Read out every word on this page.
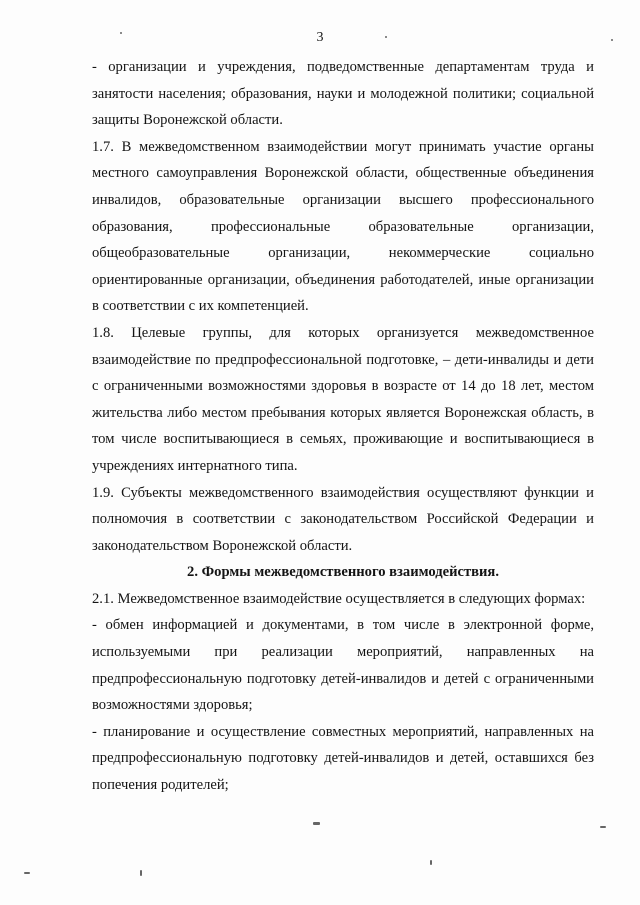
3

- организации и учреждения, подведомственные департаментам труда и занятости населения; образования, науки и молодежной политики; социальной защиты Воронежской области.

1.7. В межведомственном взаимодействии могут принимать участие органы местного самоуправления Воронежской области, общественные объединения инвалидов, образовательные организации высшего профессионального образования, профессиональные образовательные организации, общеобразовательные организации, некоммерческие социально ориентированные организации, объединения работодателей, иные организации в соответствии с их компетенцией.

1.8. Целевые группы, для которых организуется межведомственное взаимодействие по предпрофессиональной подготовке, – дети-инвалиды и дети с ограниченными возможностями здоровья в возрасте от 14 до 18 лет, местом жительства либо местом пребывания которых является Воронежская область, в том числе воспитывающиеся в семьях, проживающие и воспитывающиеся в учреждениях интернатного типа.

1.9. Субъекты межведомственного взаимодействия осуществляют функции и полномочия в соответствии с законодательством Российской Федерации и законодательством Воронежской области.

2. Формы межведомственного взаимодействия.

2.1. Межведомственное взаимодействие осуществляется в следующих формах:

- обмен информацией и документами, в том числе в электронной форме, используемыми при реализации мероприятий, направленных на предпрофессиональную подготовку детей-инвалидов и детей с ограниченными возможностями здоровья;

- планирование и осуществление совместных мероприятий, направленных на предпрофессиональную подготовку детей-инвалидов и детей, оставшихся без попечения родителей;
